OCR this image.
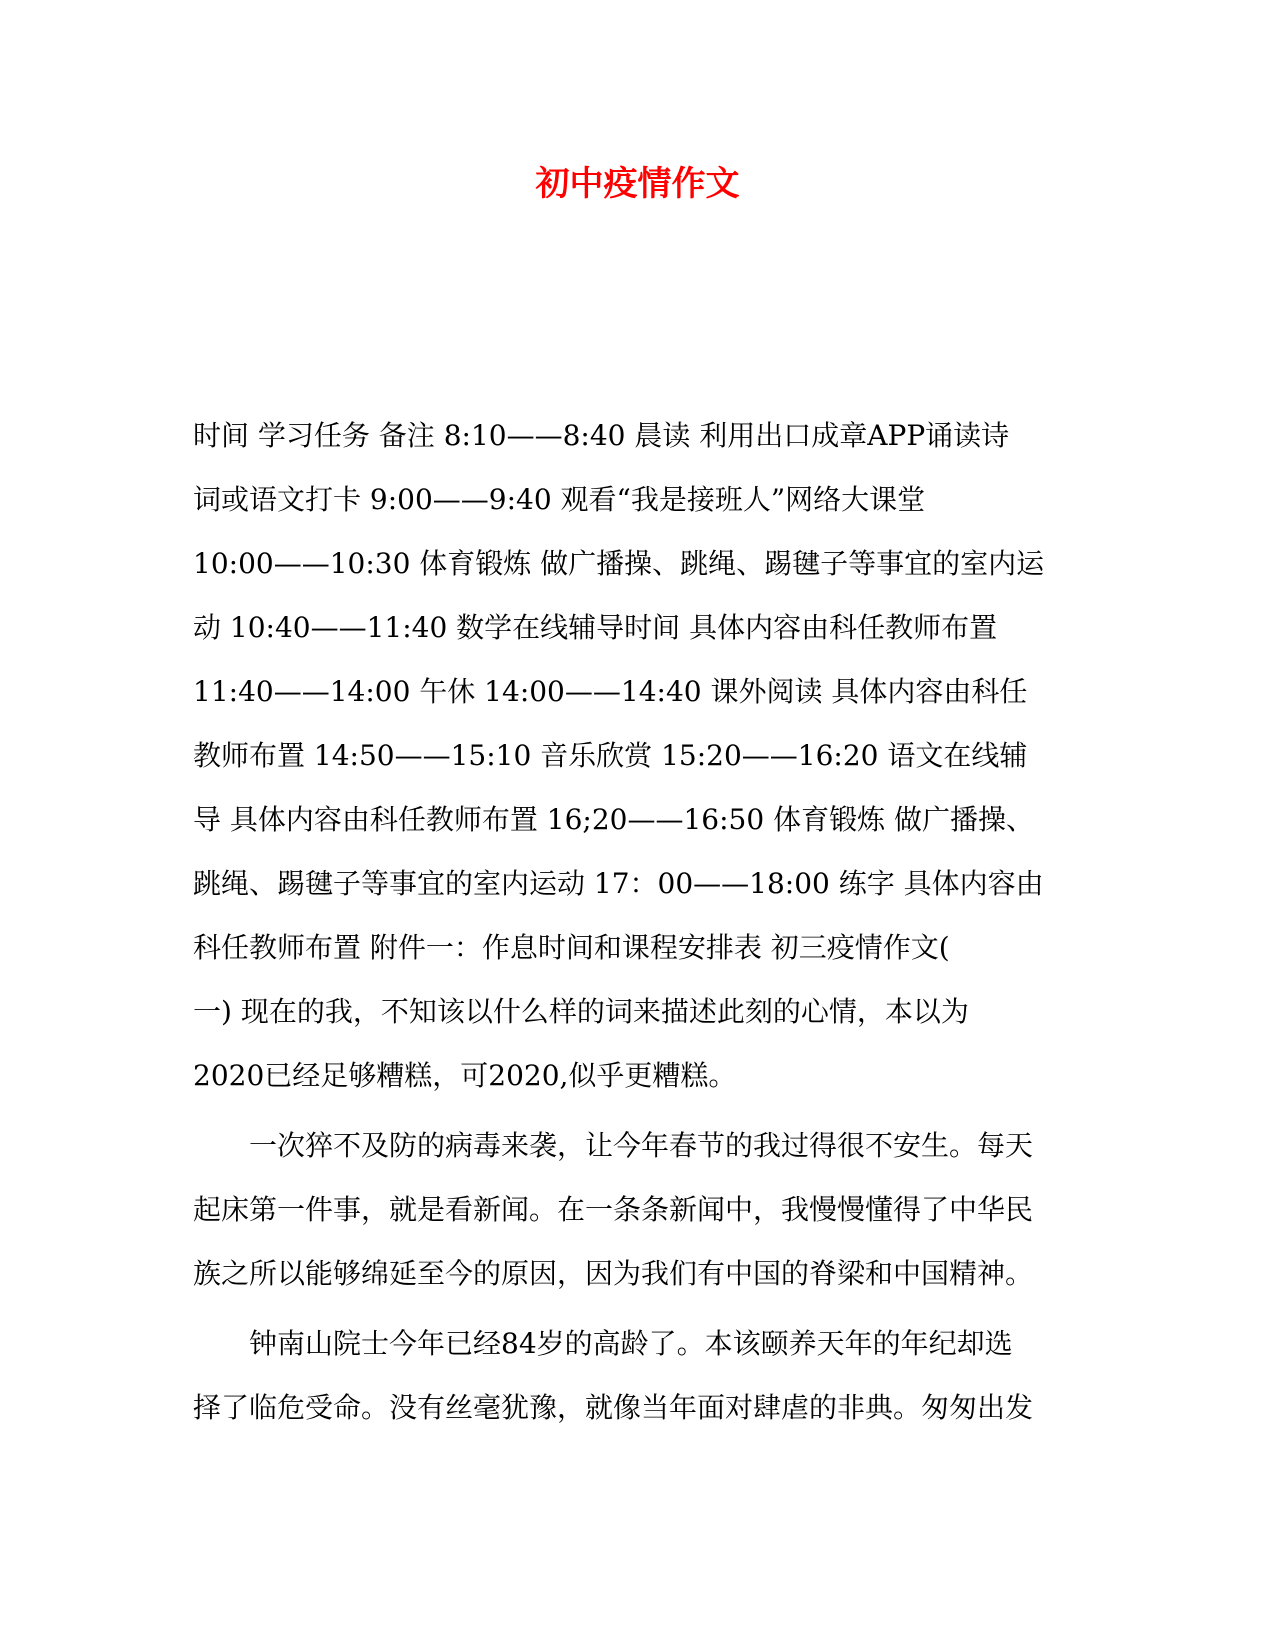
初中疫情作文
时间 学习任务 备注 8:10——8:40 晨读 利用出口成章APP诵读诗
词或语文打卡 9:00——9:40 观看“我是接班人”网络大课堂
10:00——10:30 体育锻炼 做广播操、跳绳、踢毽子等事宜的室内运
动 10:40——11:40 数学在线辅导时间 具体内容由科任教师布置
11:40——14:00 午休 14:00——14:40 课外阅读 具体内容由科任
教师布置 14:50——15:10 音乐欣赏 15:20——16:20 语文在线辅
导 具体内容由科任教师布置 16;20——16:50 体育锻炼 做广播操、
跳绳、踢毽子等事宜的室内运动 17：00——18:00 练字 具体内容由
科任教师布置 附件一：作息时间和课程安排表 初三疫情作文(
一) 现在的我，不知该以什么样的词来描述此刻的心情，本以为
2020已经足够糟糕，可2020,似乎更糟糕。
　　一次猝不及防的病毒来袭，让今年春节的我过得很不安生。每天
起床第一件事，就是看新闻。在一条条新闻中，我慢慢懂得了中华民
族之所以能够绵延至今的原因，因为我们有中国的脊梁和中国精神。
　　钟南山院士今年已经84岁的高龄了。本该颐养天年的年纪却选
择了临危受命。没有丝毫犹豫，就像当年面对肆虐的非典。匆匆出发
